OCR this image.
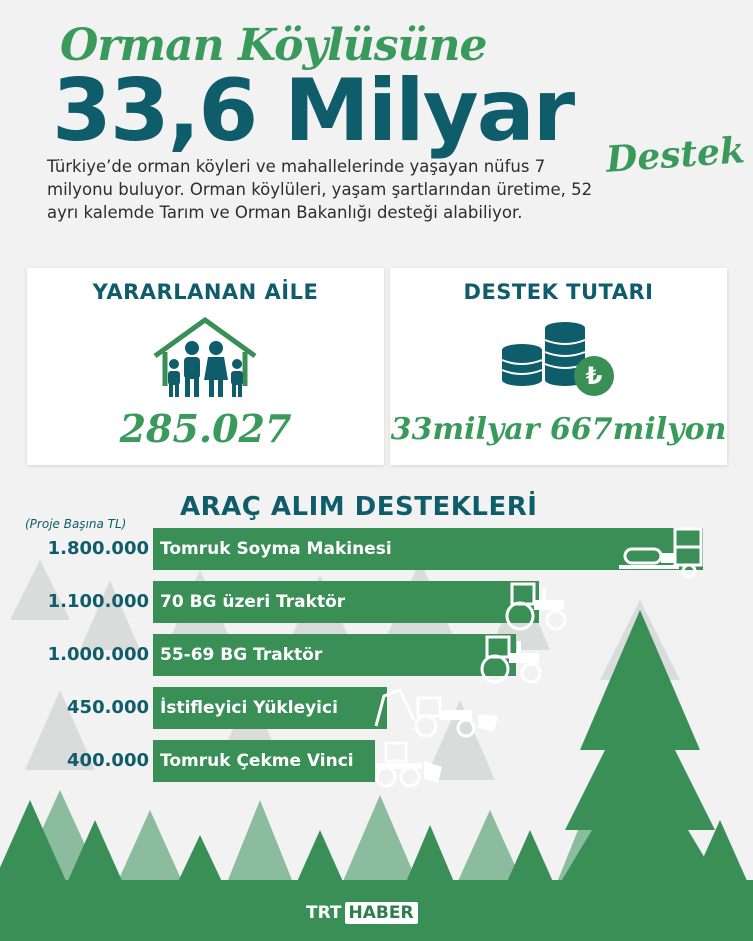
Orman Köylüsüne
33,6 Milyar Destek
Türkiye’de orman köyleri ve mahallelerinde yaşayan nüfus 7 milyonu buluyor. Orman köylüleri, yaşam şartlarından üretime, 52 ayrı kalemde Tarım ve Orman Bakanlığı desteği alabiliyor.
YARARLANAN AİLE
285.027
DESTEK TUTARI
₺
33milyar 667milyon
ARAÇ ALIM DESTEKLERİ
(Proje Başına TL)
1.800.000 Tomruk Soyma Makinesi
1.100.000 70 BG üzeri Traktör
1.000.000 55-69 BG Traktör
450.000 İstifleyici Yükleyici
400.000 Tomruk Çekme Vinci
TRT HABER
